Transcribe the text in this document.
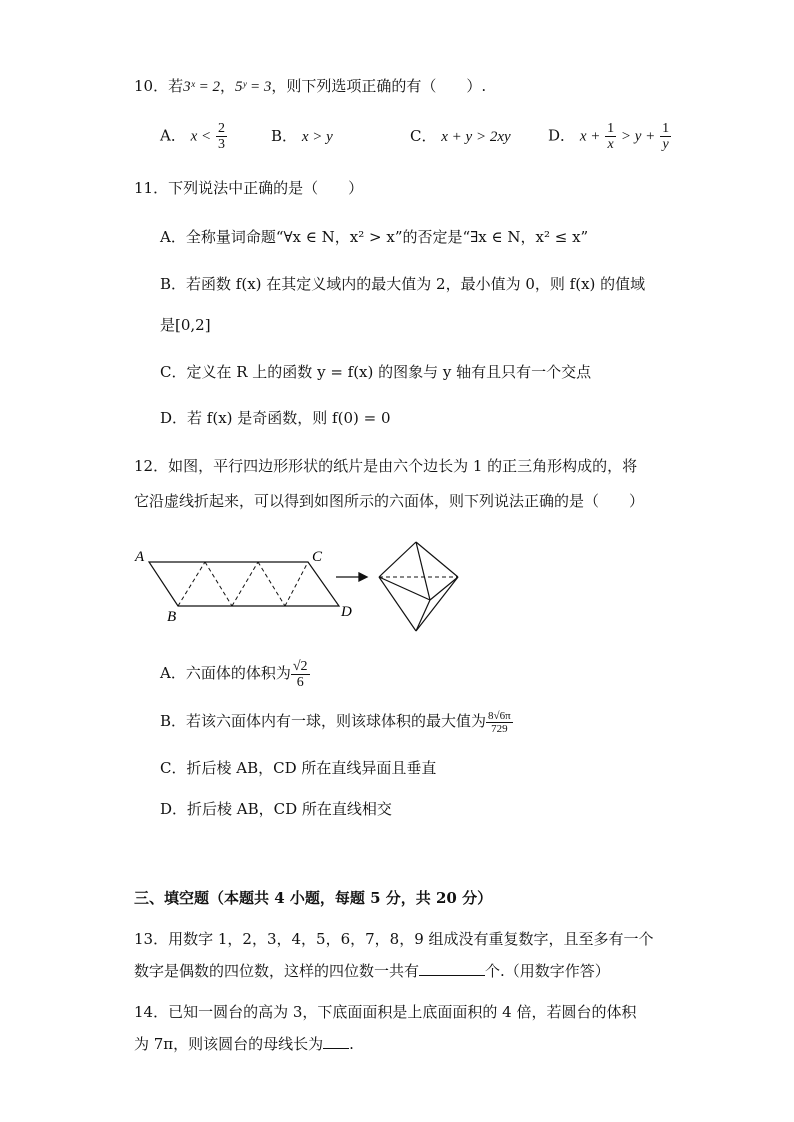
10．若3ˣ = 2，5ʸ = 3，则下列选项正确的有（　　）.
A． $x < \frac{2}{3}$	B． x > y	C． x + y > 2xy D． $x + \frac{1}{x} > y + \frac{1}{y}$
11．下列说法中正确的是（　　）
A．全称量词命题“∀x ∈ N，x² > x”的否定是“∃x ∈ N，x² ≤ x”
B．若函数 f(x) 在其定义域内的最大值为 2，最小值为 0，则 f(x) 的值域
是[0,2]
C．定义在 R 上的函数 y = f(x) 的图象与 y 轴有且只有一个交点
D．若 f(x) 是奇函数，则 f(0) = 0
12．如图，平行四边形形状的纸片是由六个边长为 1 的正三角形构成的，将
它沿虚线折起来，可以得到如图所示的六面体，则下列说法正确的是（　　）
A
B
C
D
A．六面体的体积为 $\frac{√2}{6}$
B．若该六面体内有一球，则该球体积的最大值为 $\frac{8√6\pi}{729}$
C．折后棱 AB，CD 所在直线异面且垂直
D．折后棱 AB，CD 所在直线相交
三、填空题（本题共 4 小题，每题 5 分，共 20 分）
13．用数字 1，2，3，4，5，6，7，8，9 组成没有重复数字，且至多有一个
数字是偶数的四位数，这样的四位数一共有	个.（用数字作答）
14．已知一圆台的高为 3，下底面面积是上底面面积的 4 倍，若圆台的体积
为 7π，则该圆台的母线长为 .
